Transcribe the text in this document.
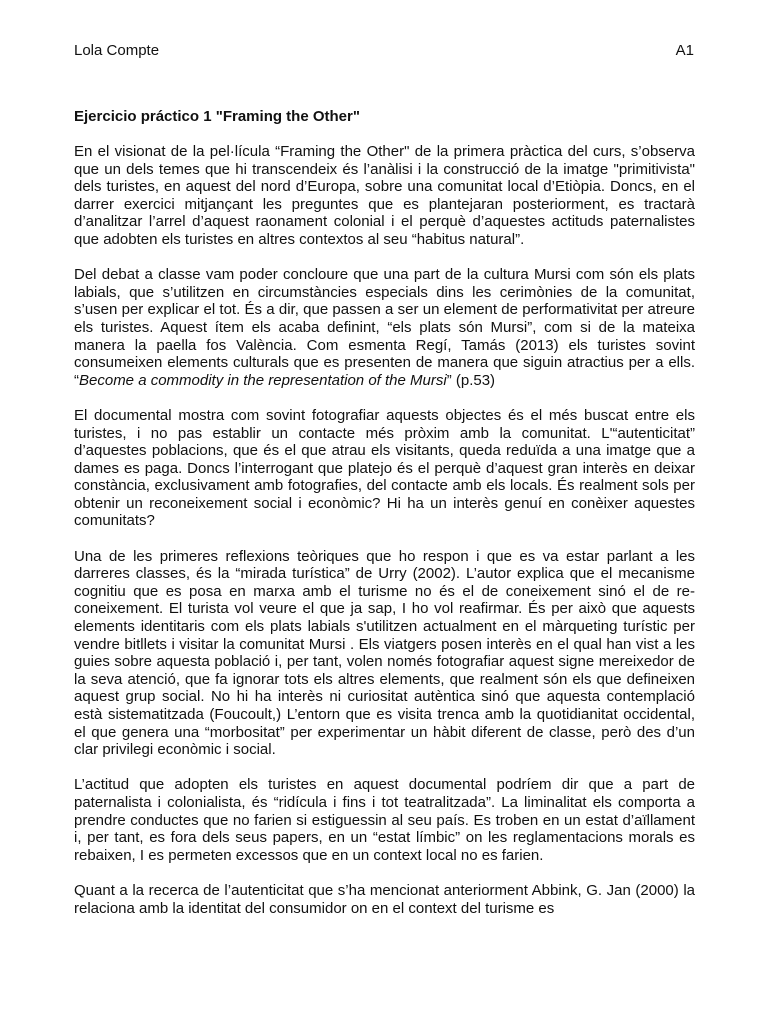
Lola Compte	A1
Ejercicio práctico 1 "Framing the Other"

En el visionat de la pel·lícula “Framing the Other" de la primera pràctica del curs, s’observa que un dels temes que hi transcendeix és l’anàlisi i la construcció de la imatge "primitivista" dels turistes, en aquest del nord d’Europa, sobre una comunitat local d’Etiòpia. Doncs, en el darrer exercici mitjançant les preguntes que es plantejaran posteriorment, es tractarà d’analitzar l’arrel d’aquest raonament colonial i el perquè d’aquestes actituds paternalistes que adobten els turistes en altres contextos al seu “habitus natural”.

Del debat a classe vam poder concloure que una part de la cultura Mursi com són els plats labials, que s’utilitzen en circumstàncies especials dins les cerimònies de la comunitat, s’usen per explicar el tot. És a dir, que passen a ser un element de performativitat per atreure els turistes. Aquest ítem els acaba definint, “els plats són Mursi”, com si de la mateixa manera la paella fos València. Com esmenta Regí, Tamás (2013) els turistes sovint consumeixen elements culturals que es presenten de manera que siguin atractius per a ells. “Become a commodity in the representation of the Mursi” (p.53)

El documental mostra com sovint fotografiar aquests objectes és el més buscat entre els turistes, i no pas establir un contacte més pròxim amb la comunitat. L'“autenticitat” d’aquestes poblacions, que és el que atrau els visitants, queda reduïda a una imatge que a dames es paga. Doncs l’interrogant que platejo és el perquè d’aquest gran interès en deixar constància, exclusivament amb fotografies, del contacte amb els locals. És realment sols per obtenir un reconeixement social i econòmic? Hi ha un interès genuí en conèixer aquestes comunitats?

Una de les primeres reflexions teòriques que ho respon i que es va estar parlant a les darreres classes, és la “mirada turística” de Urry (2002). L’autor explica que el mecanisme cognitiu que es posa en marxa amb el turisme no és el de coneixement sinó el de re-coneixement. El turista vol veure el que ja sap, I ho vol reafirmar. És per això que aquests elements identitaris com els plats labials s'utilitzen actualment en el màrqueting turístic per vendre bitllets i visitar la comunitat Mursi . Els viatgers posen interès en el qual han vist a les guies sobre aquesta població i, per tant, volen només fotografiar aquest signe mereixedor de la seva atenció, que fa ignorar tots els altres elements, que realment són els que defineixen aquest grup social. No hi ha interès ni curiositat autèntica sinó que aquesta contemplació està sistematitzada (Foucoult,) L’entorn que es visita trenca amb la quotidianitat occidental, el que genera una “morbositat” per experimentar un hàbit diferent de classe, però des d’un clar privilegi econòmic i social.

L’actitud que adopten els turistes en aquest documental podríem dir que a part de paternalista i colonialista, és “ridícula i fins i tot teatralitzada”. La liminalitat els comporta a prendre conductes que no farien si estiguessin al seu país. Es troben en un estat d’aïllament i, per tant, es fora dels seus papers, en un “estat límbic” on les reglamentacions morals es rebaixen, I es permeten excessos que en un context local no es farien.

Quant a la recerca de l’autenticitat que s’ha mencionat anteriorment Abbink, G. Jan (2000) la relaciona amb la identitat del consumidor on en el context del turisme es
